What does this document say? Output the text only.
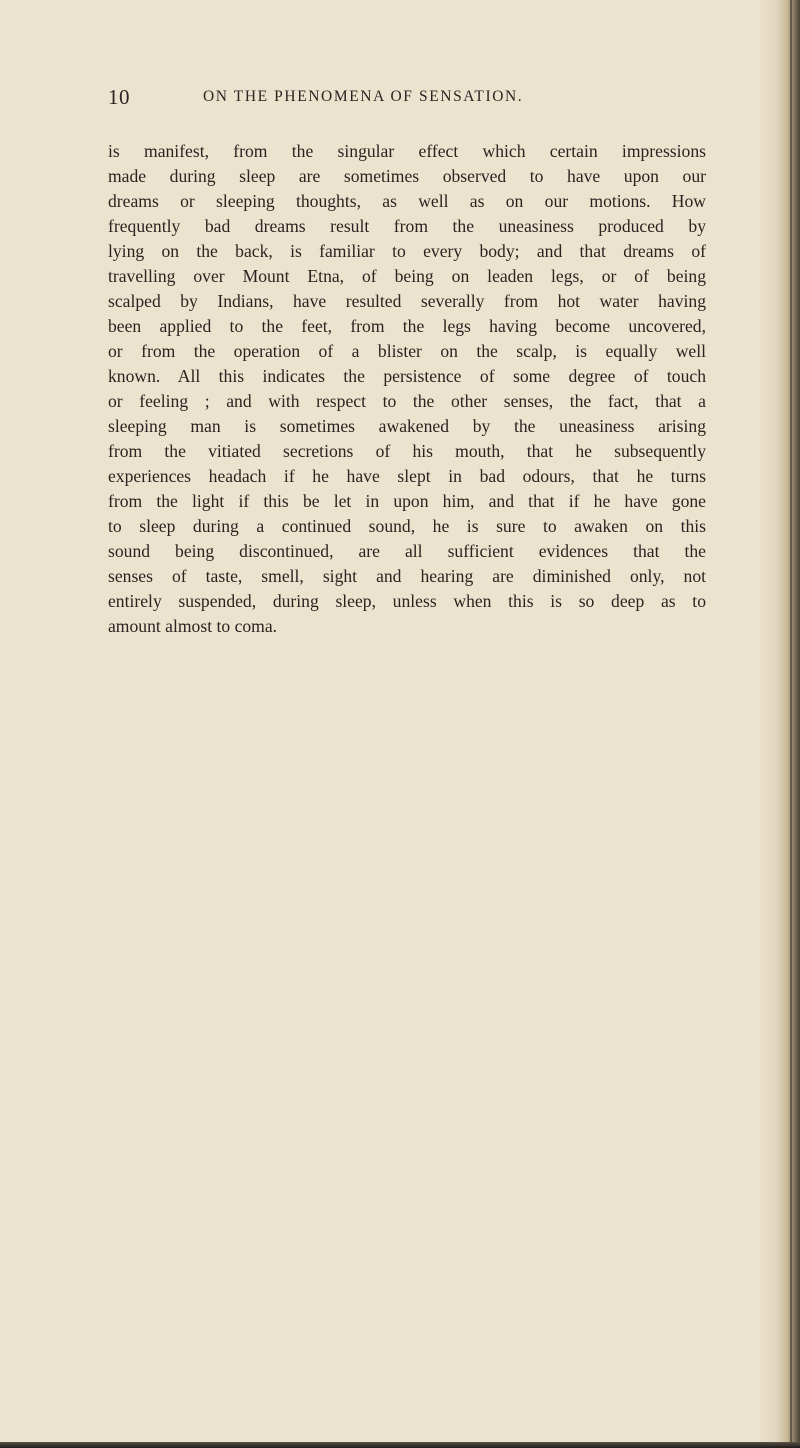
10	ON THE PHENOMENA OF SENSATION.
is manifest, from the singular effect which certain impressions
made during sleep are sometimes observed to have upon our
dreams or sleeping thoughts, as well as on our motions. How
frequently bad dreams result from the uneasiness produced by
lying on the back, is familiar to every body; and that dreams of
travelling over Mount Etna, of being on leaden legs, or of being
scalped by Indians, have resulted severally from hot water having
been applied to the feet, from the legs having become uncovered,
or from the operation of a blister on the scalp, is equally well
known. All this indicates the persistence of some degree of touch
or feeling ; and with respect to the other senses, the fact, that a
sleeping man is sometimes awakened by the uneasiness arising
from the vitiated secretions of his mouth, that he subsequently
experiences headach if he have slept in bad odours, that he turns
from the light if this be let in upon him, and that if he have gone
to sleep during a continued sound, he is sure to awaken on this
sound being discontinued, are all sufficient evidences that the
senses of taste, smell, sight and hearing are diminished only, not
entirely suspended, during sleep, unless when this is so deep as to
amount almost to coma.
